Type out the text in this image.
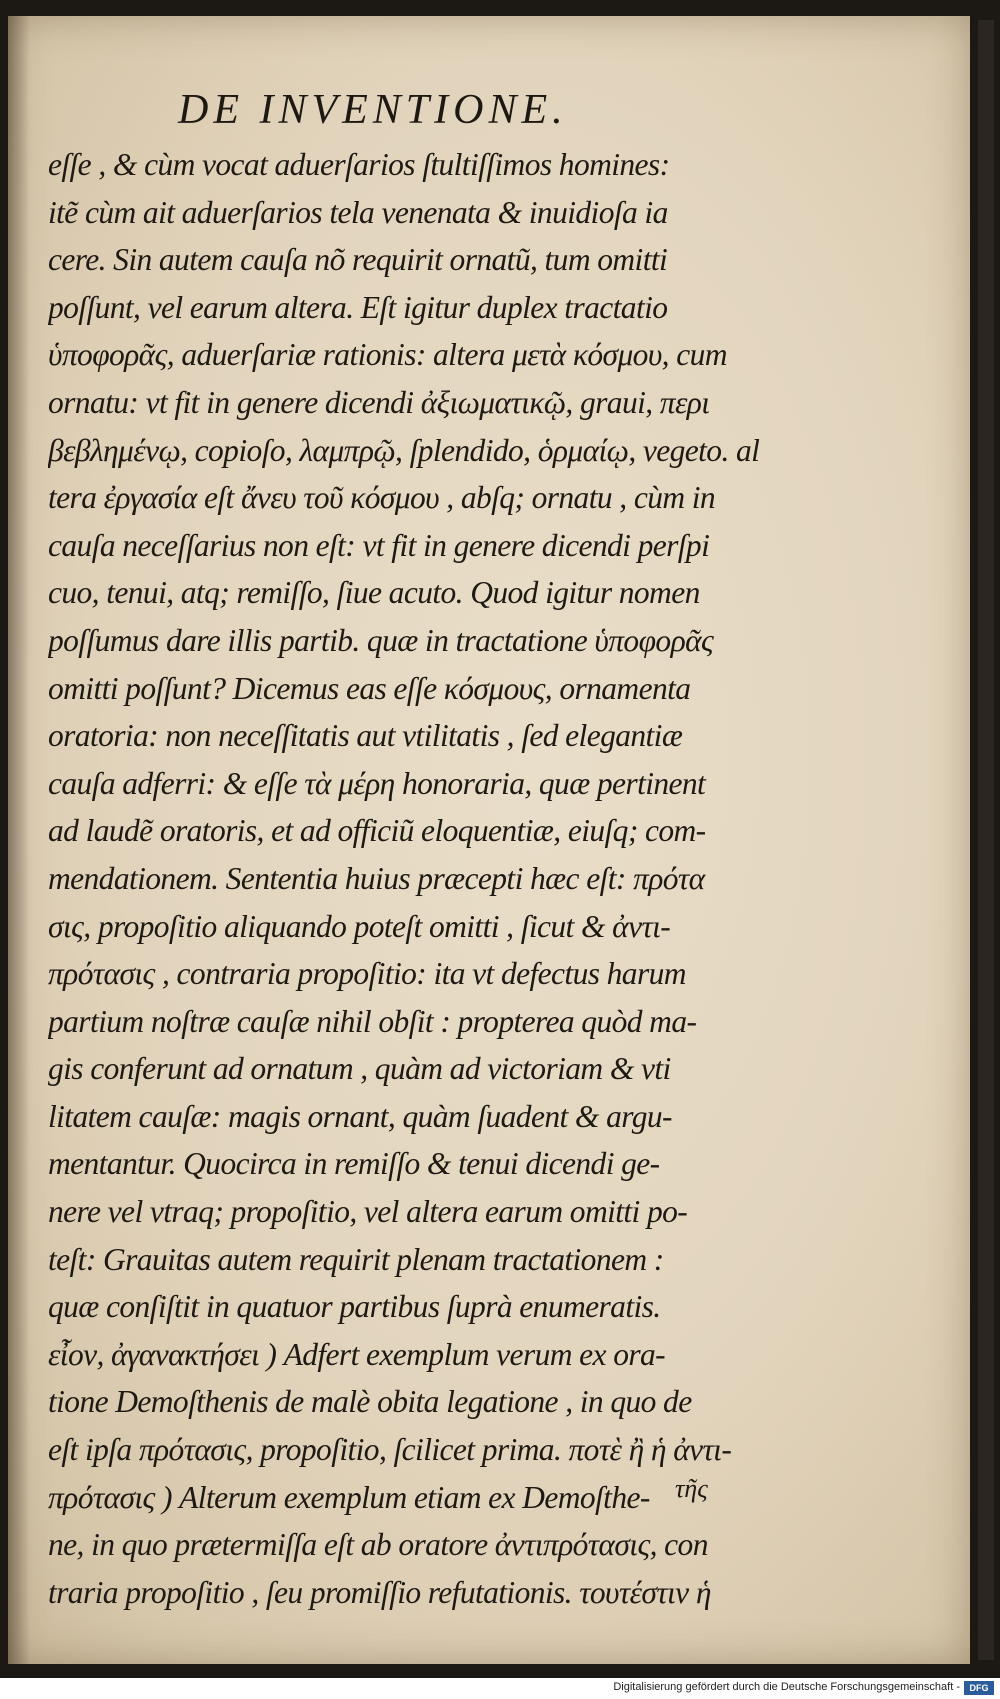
DE INVENTIONE.
eſſe , & cùm vocat aduerſarios ſtultiſſimos homines:
itẽ cùm ait aduerſarios tela venenata & inuidioſa ia
cere. Sin autem cauſa nõ requirit ornatũ, tum omitti
poſſunt, vel earum altera. Eſt igitur duplex tractatio
ὑποφορᾶς, aduerſariæ rationis: altera μετὰ κόσμου, cum
ornatu: vt fit in genere dicendi ἀξιωματικῷ, graui, περι
βεβλημένῳ, copioſo, λαμπρῷ, ſplendido, ὁρμαίῳ, vegeto. al
tera ἐργασία eſt ἄνευ τοῦ κόσμου , abſq; ornatu , cùm in
cauſa neceſſarius non eſt: vt fit in genere dicendi perſpi
cuo, tenui, atq; remiſſo, ſiue acuto. Quod igitur nomen
poſſumus dare illis partib. quæ in tractatione ὑποφορᾶς
omitti poſſunt? Dicemus eas eſſe κόσμους, ornamenta
oratoria: non neceſſitatis aut vtilitatis , ſed elegantiæ
cauſa adferri: & eſſe τὰ μέρη honoraria, quæ pertinent
ad laudẽ oratoris, et ad officiũ eloquentiæ, eiuſq; com-
mendationem. Sententia huius præcepti hæc eſt: πρότα
σις, propoſitio aliquando poteſt omitti , ſicut & ἀντι-
πρότασις , contraria propoſitio: ita vt defectus harum
partium noſtræ cauſæ nihil obſit : propterea quòd ma-
gis conferunt ad ornatum , quàm ad victoriam & vti
litatem cauſæ: magis ornant, quàm ſuadent & argu-
mentantur. Quocirca in remiſſo & tenui dicendi ge-
nere vel vtraq; propoſitio, vel altera earum omitti po-
teſt: Grauitas autem requirit plenam tractationem :
quæ conſiſtit in quatuor partibus ſuprà enumeratis.
εἶον, ἀγανακτήσει ) Adfert exemplum verum ex ora-
tione Demoſthenis de malè obita legatione , in quo de
eſt ipſa πρότασις, propoſitio, ſcilicet prima. ποτὲ ἢ ἡ ἀντι-
πρότασις ) Alterum exemplum etiam ex Demoſthe-
ne, in quo prætermiſſa eſt ab oratore ἀντιπρότασις, con
traria propoſitio , ſeu promiſſio refutationis. τουτέστιν ἡ
τῆς
Digitalisierung gefördert durch die Deutsche Forschungsgemeinschaft -	DFG
